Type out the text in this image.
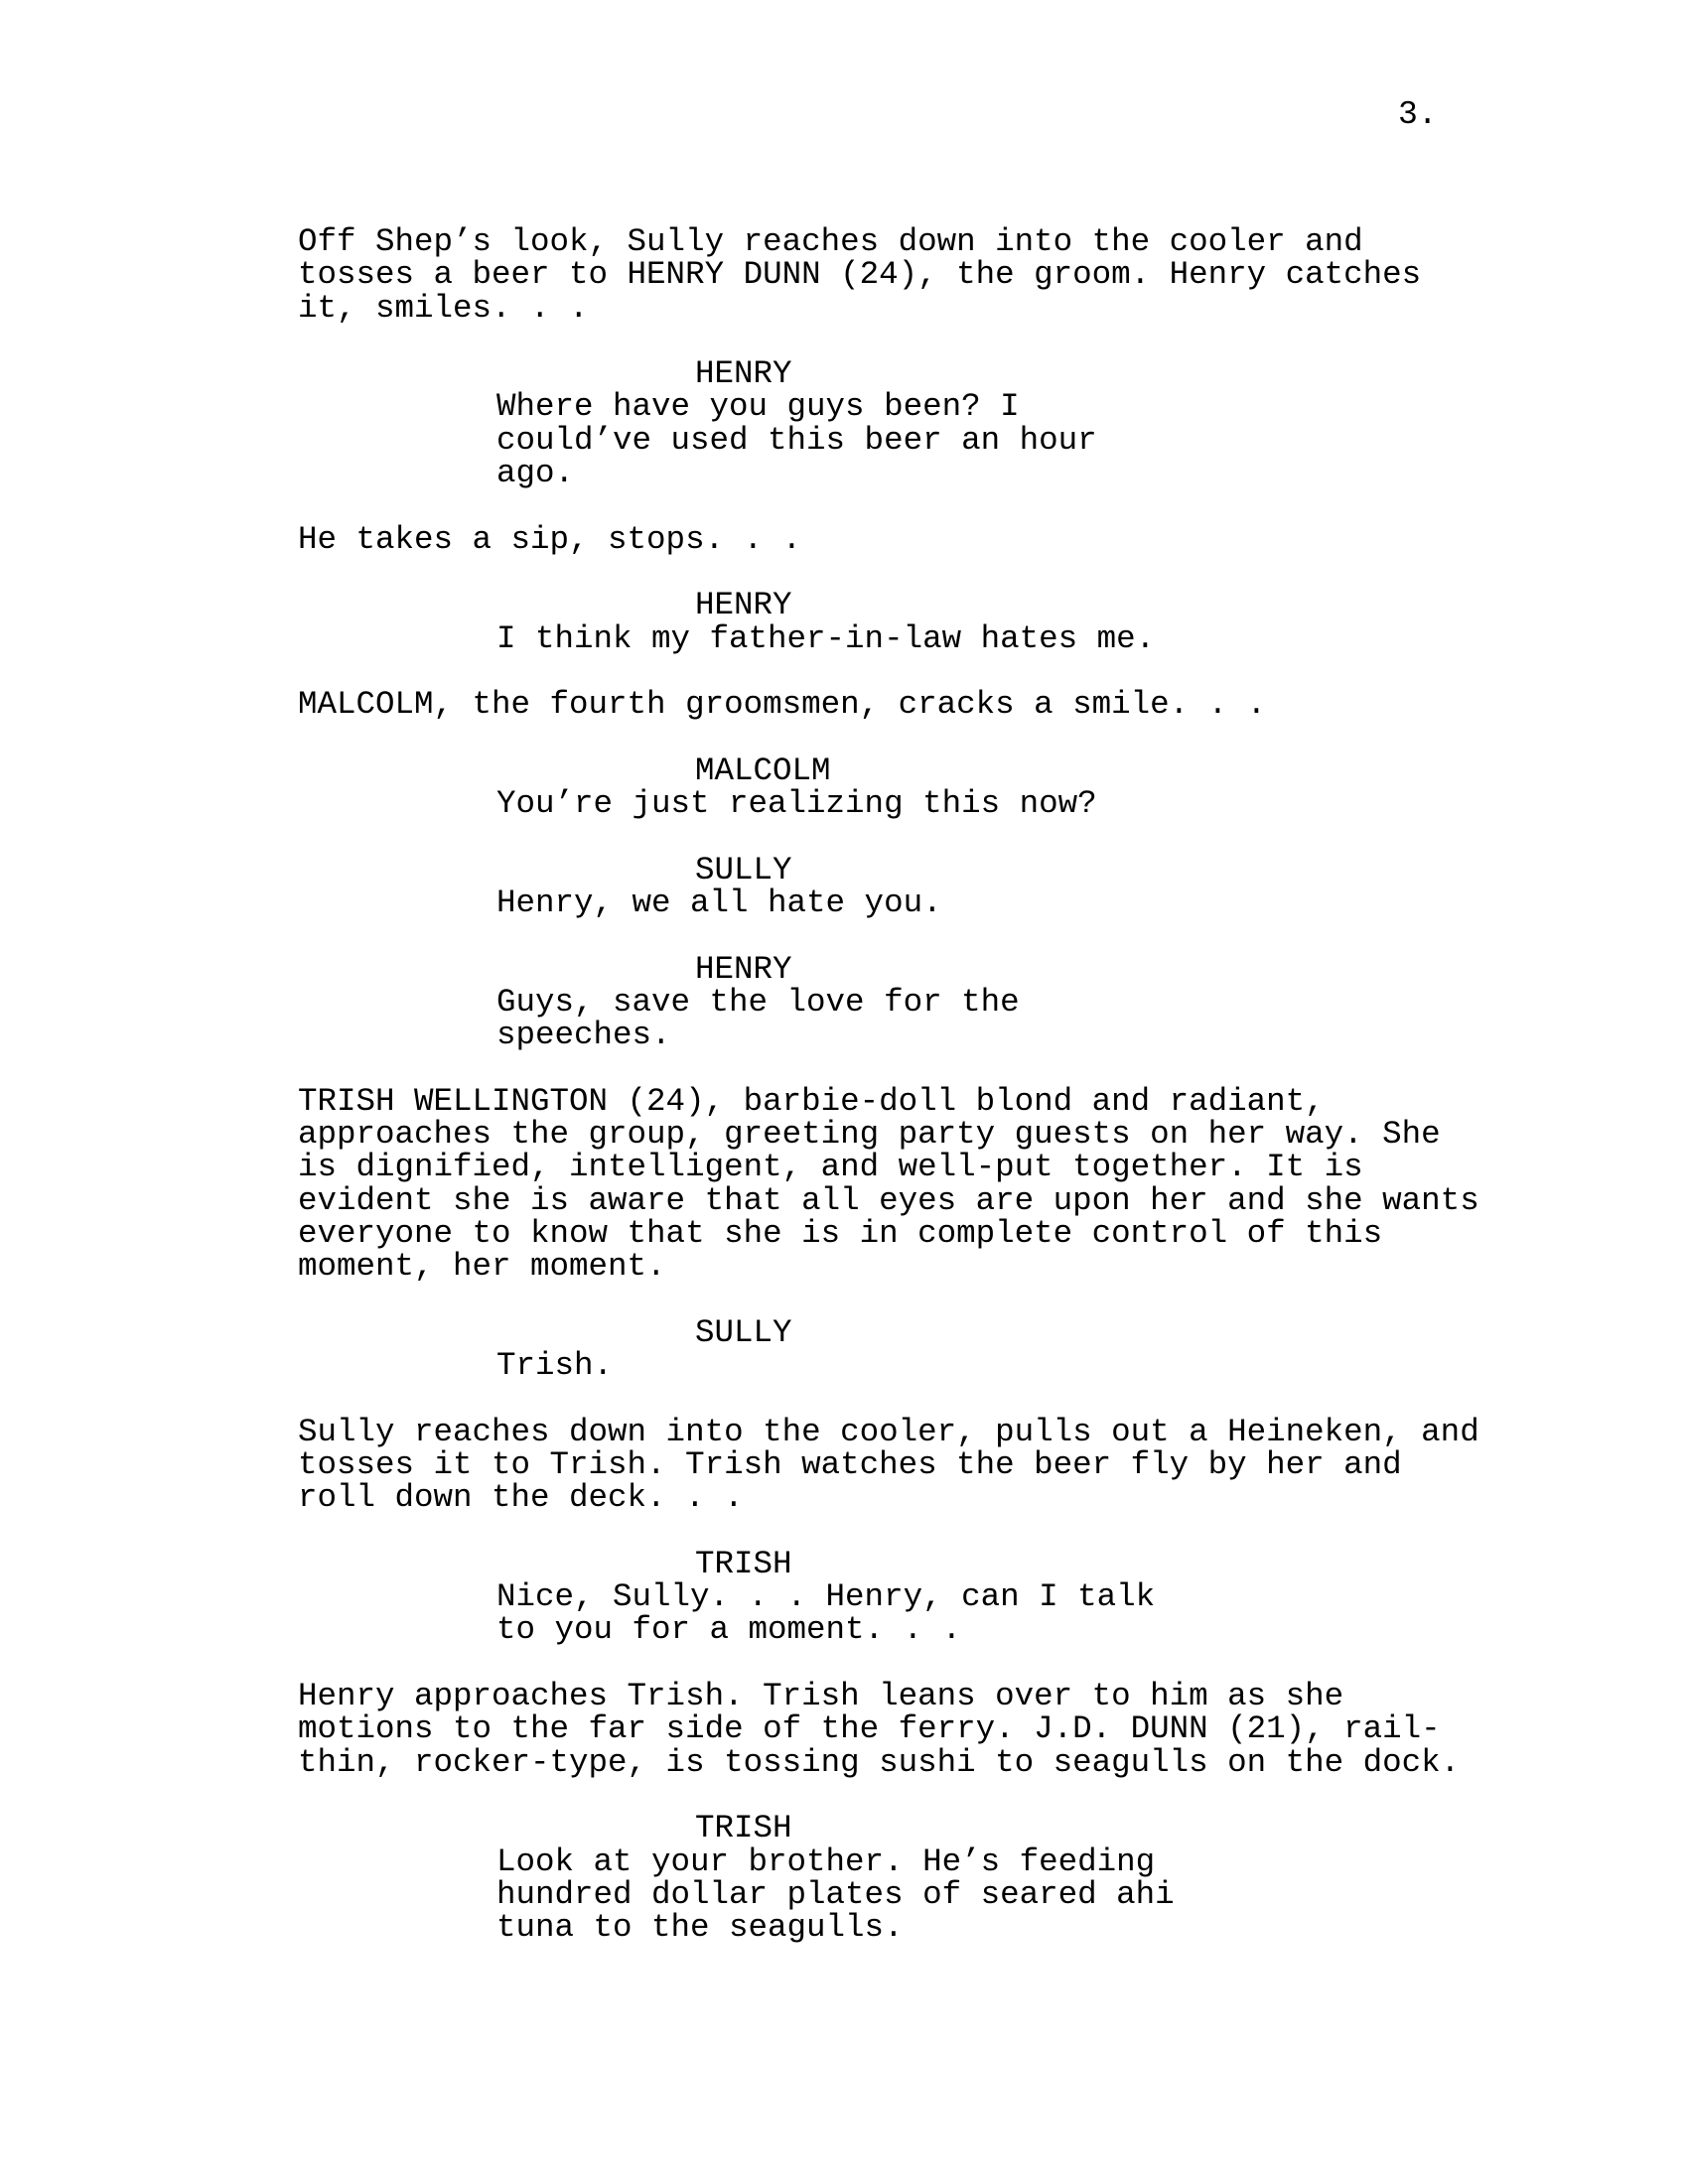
3.
Off Shep’s look, Sully reaches down into the cooler and
tosses a beer to HENRY DUNN (24), the groom. Henry catches
it, smiles. . .
HENRY
Where have you guys been? I
could’ve used this beer an hour
ago.
He takes a sip, stops. . .
HENRY
I think my father-in-law hates me.
MALCOLM, the fourth groomsmen, cracks a smile. . .
MALCOLM
You’re just realizing this now?
SULLY
Henry, we all hate you.
HENRY
Guys, save the love for the
speeches.
TRISH WELLINGTON (24), barbie-doll blond and radiant,
approaches the group, greeting party guests on her way. She
is dignified, intelligent, and well-put together. It is
evident she is aware that all eyes are upon her and she wants
everyone to know that she is in complete control of this
moment, her moment.
SULLY
Trish.
Sully reaches down into the cooler, pulls out a Heineken, and
tosses it to Trish. Trish watches the beer fly by her and
roll down the deck. . .
TRISH
Nice, Sully. . . Henry, can I talk
to you for a moment. . .
Henry approaches Trish. Trish leans over to him as she
motions to the far side of the ferry. J.D. DUNN (21), rail-
thin, rocker-type, is tossing sushi to seagulls on the dock.
TRISH
Look at your brother. He’s feeding
hundred dollar plates of seared ahi
tuna to the seagulls.
